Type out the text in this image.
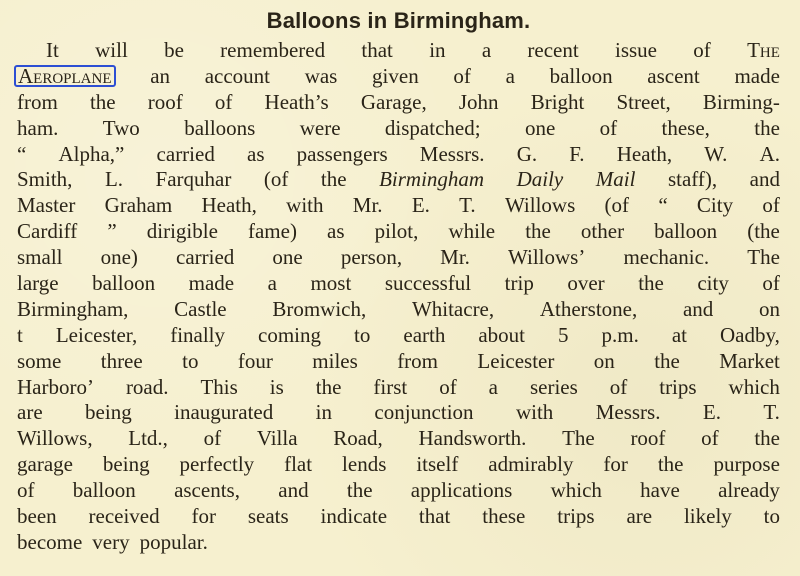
Balloons in Birmingham.
It will be remembered that in a recent issue of The
Aeroplane an account was given of a balloon ascent made
from the roof of Heath’s Garage, John Bright Street, Birming-
ham. Two balloons were dispatched; one of these, the
“ Alpha,” carried as passengers Messrs. G. F. Heath, W. A.
Smith, L. Farquhar (of the Birmingham Daily Mail staff), and
Master Graham Heath, with Mr. E. T. Willows (of “ City of
Cardiff ” dirigible fame) as pilot, while the other balloon (the
small one) carried one person, Mr. Willows’ mechanic. The
large balloon made a most successful trip over the city of
Birmingham, Castle Bromwich, Whitacre, Atherstone, and on
t Leicester, finally coming to earth about 5 p.m. at Oadby,
some three to four miles from Leicester on the Market
Harboro’ road. This is the first of a series of trips which
are being inaugurated in conjunction with Messrs. E. T.
Willows, Ltd., of Villa Road, Handsworth. The roof of the
garage being perfectly flat lends itself admirably for the purpose
of balloon ascents, and the applications which have already
been received for seats indicate that these trips are likely to
become very popular.
